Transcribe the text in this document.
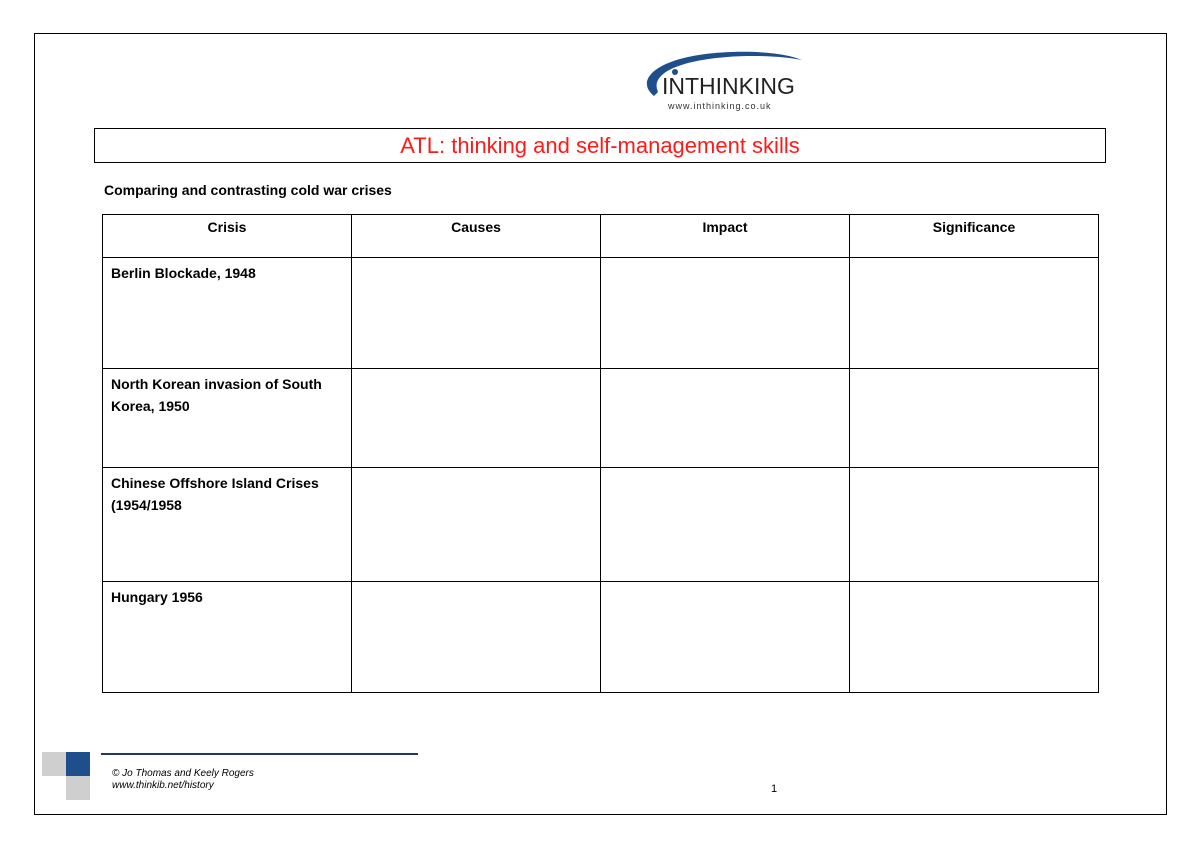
INTHINKING
www.inthinking.co.uk
ATL: thinking and self-management skills
Comparing and contrasting cold war crises
Crisis	Causes	Impact	Significance
Berlin Blockade, 1948			
North Korean invasion of South Korea, 1950			
Chinese Offshore Island Crises (1954/1958			
Hungary 1956			
© Jo Thomas and Keely Rogers
www.thinkib.net/history	1
